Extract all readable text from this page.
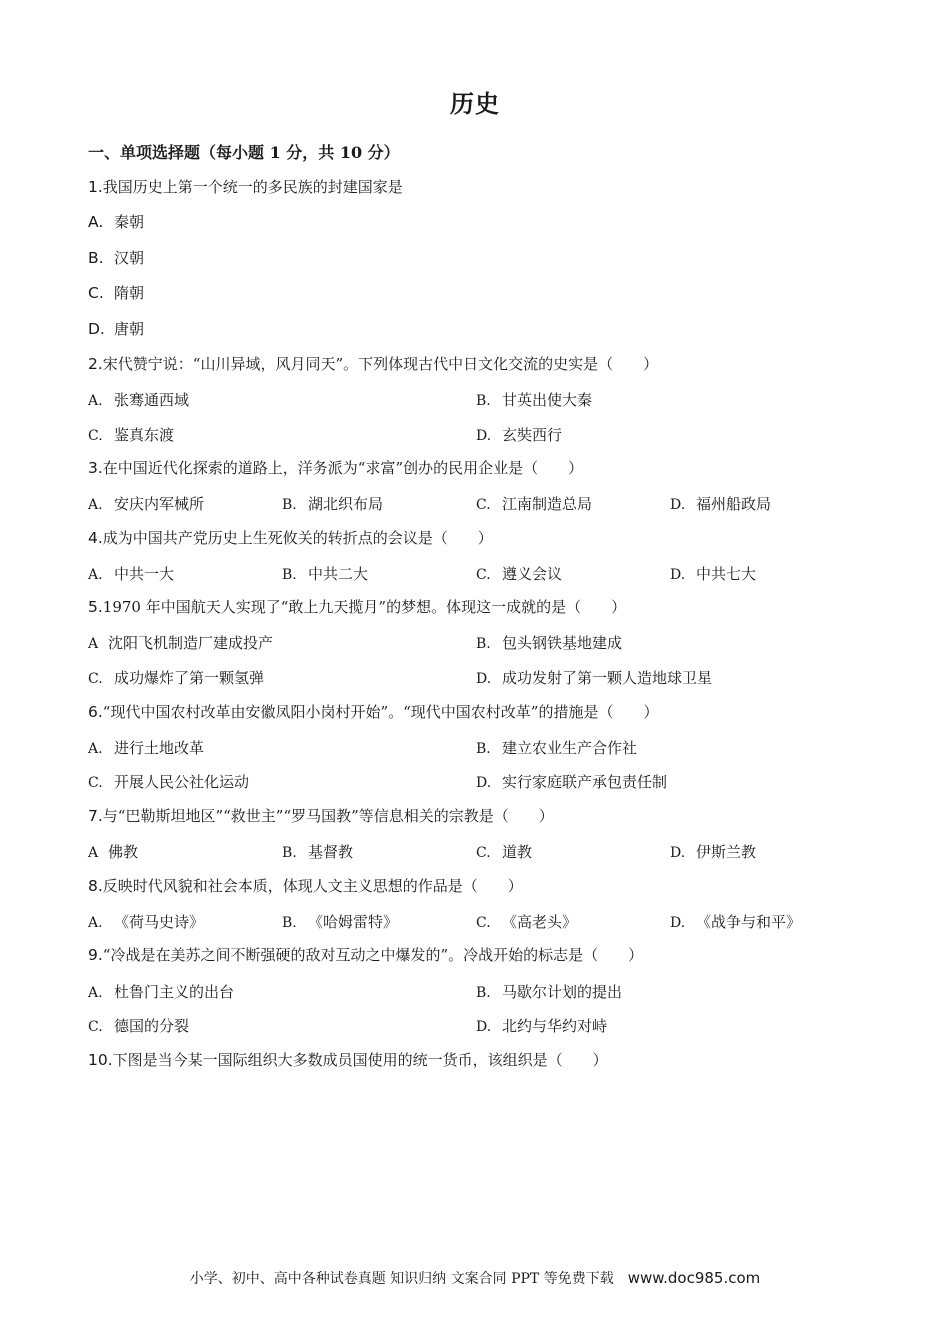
历史
一、单项选择题（每小题 1 分，共 10 分）
1.我国历史上第一个统一的多民族的封建国家是
A. 秦朝
B. 汉朝
C. 隋朝
D. 唐朝
2.宋代赞宁说：“山川异域，风月同天”。下列体现古代中日文化交流的史实是（　　）
A. 张骞通西域	B. 甘英出使大秦
C. 鉴真东渡	D. 玄奘西行
3.在中国近代化探索的道路上，洋务派为“求富”创办的民用企业是（　　）
A. 安庆内军械所	B. 湖北织布局	C. 江南制造总局	D. 福州船政局
4.成为中国共产党历史上生死攸关的转折点的会议是（　　）
A. 中共一大	B. 中共二大	C. 遵义会议	D. 中共七大
5.1970 年中国航天人实现了“敢上九天揽月”的梦想。体现这一成就的是（　　）
A 沈阳飞机制造厂建成投产	B. 包头钢铁基地建成
C. 成功爆炸了第一颗氢弹	D. 成功发射了第一颗人造地球卫星
6.“现代中国农村改革由安徽凤阳小岗村开始”。“现代中国农村改革”的措施是（　　）
A. 进行土地改革	B. 建立农业生产合作社
C. 开展人民公社化运动	D. 实行家庭联产承包责任制
7.与“巴勒斯坦地区”“救世主”“罗马国教”等信息相关的宗教是（　　）
A 佛教	B. 基督教	C. 道教	D. 伊斯兰教
8.反映时代风貌和社会本质，体现人文主义思想的作品是（　　）
A. 《荷马史诗》	B. 《哈姆雷特》	C. 《高老头》	D. 《战争与和平》
9.“冷战是在美苏之间不断强硬的敌对互动之中爆发的”。冷战开始的标志是（　　）
A. 杜鲁门主义的出台	B. 马歇尔计划的提出
C. 德国的分裂	D. 北约与华约对峙
10.下图是当今某一国际组织大多数成员国使用的统一货币，该组织是（　　）
小学、初中、高中各种试卷真题 知识归纳 文案合同 PPT 等免费下载 www.doc985.com
